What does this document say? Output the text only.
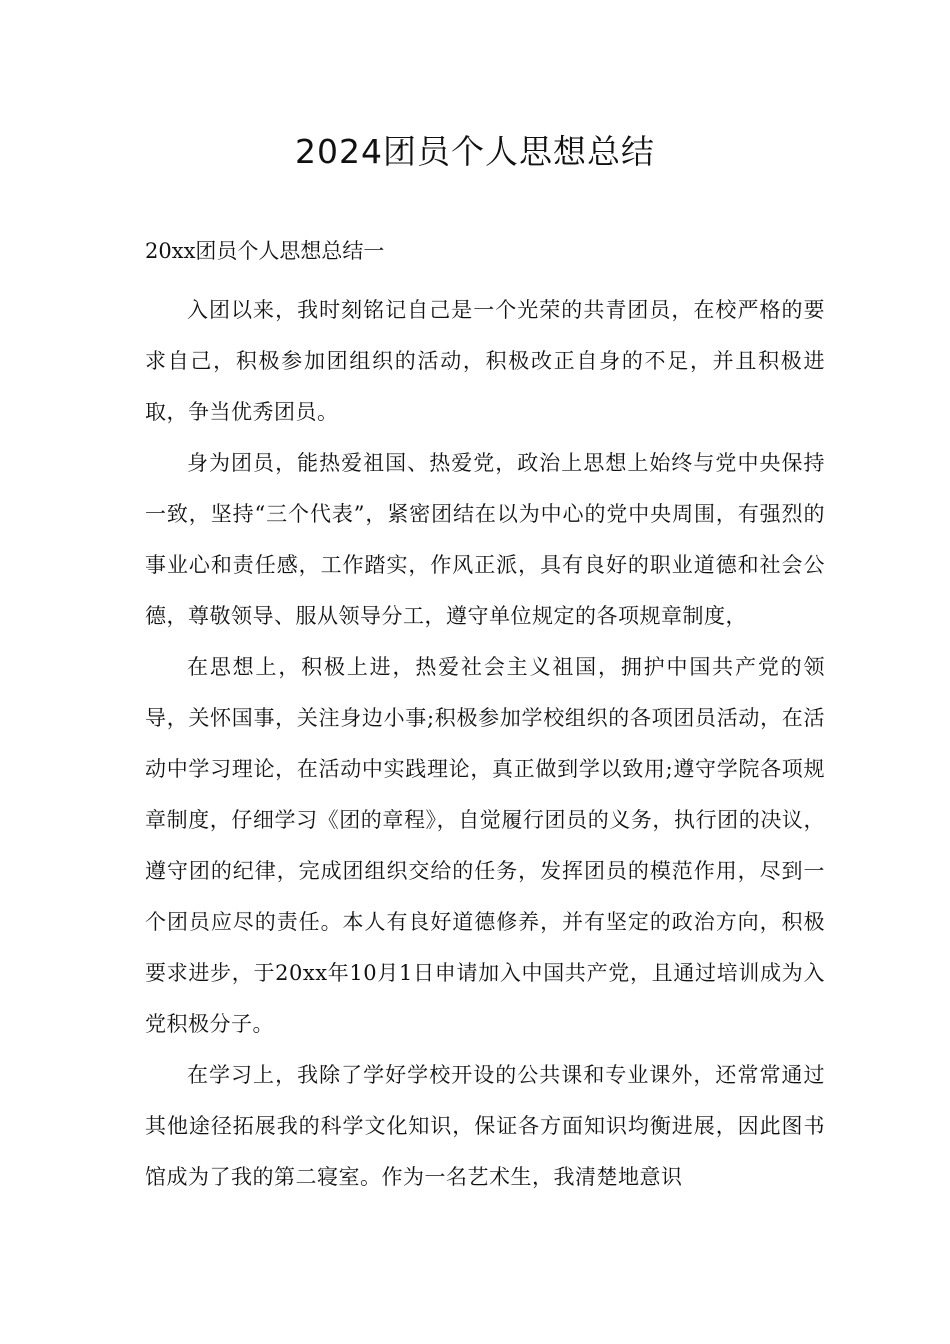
2024团员个人思想总结

20xx团员个人思想总结一

入团以来，我时刻铭记自己是一个光荣的共青团员，在校严格的要求自己，积极参加团组织的活动，积极改正自身的不足，并且积极进取，争当优秀团员。

身为团员，能热爱祖国、热爱党，政治上思想上始终与党中央保持一致，坚持“三个代表”，紧密团结在以为中心的党中央周围，有强烈的事业心和责任感，工作踏实，作风正派，具有良好的职业道德和社会公德，尊敬领导、服从领导分工，遵守单位规定的各项规章制度，

在思想上，积极上进，热爱社会主义祖国，拥护中国共产党的领导，关怀国事，关注身边小事;积极参加学校组织的各项团员活动，在活动中学习理论，在活动中实践理论，真正做到学以致用;遵守学院各项规章制度，仔细学习《团的章程》，自觉履行团员的义务，执行团的决议，遵守团的纪律，完成团组织交给的任务，发挥团员的模范作用，尽到一个团员应尽的责任。本人有良好道德修养，并有坚定的政治方向，积极要求进步，于20xx年10月1日申请加入中国共产党，且通过培训成为入党积极分子。

在学习上，我除了学好学校开设的公共课和专业课外，还常常通过其他途径拓展我的科学文化知识，保证各方面知识均衡进展，因此图书馆成为了我的第二寝室。作为一名艺术生，我清楚地意识
